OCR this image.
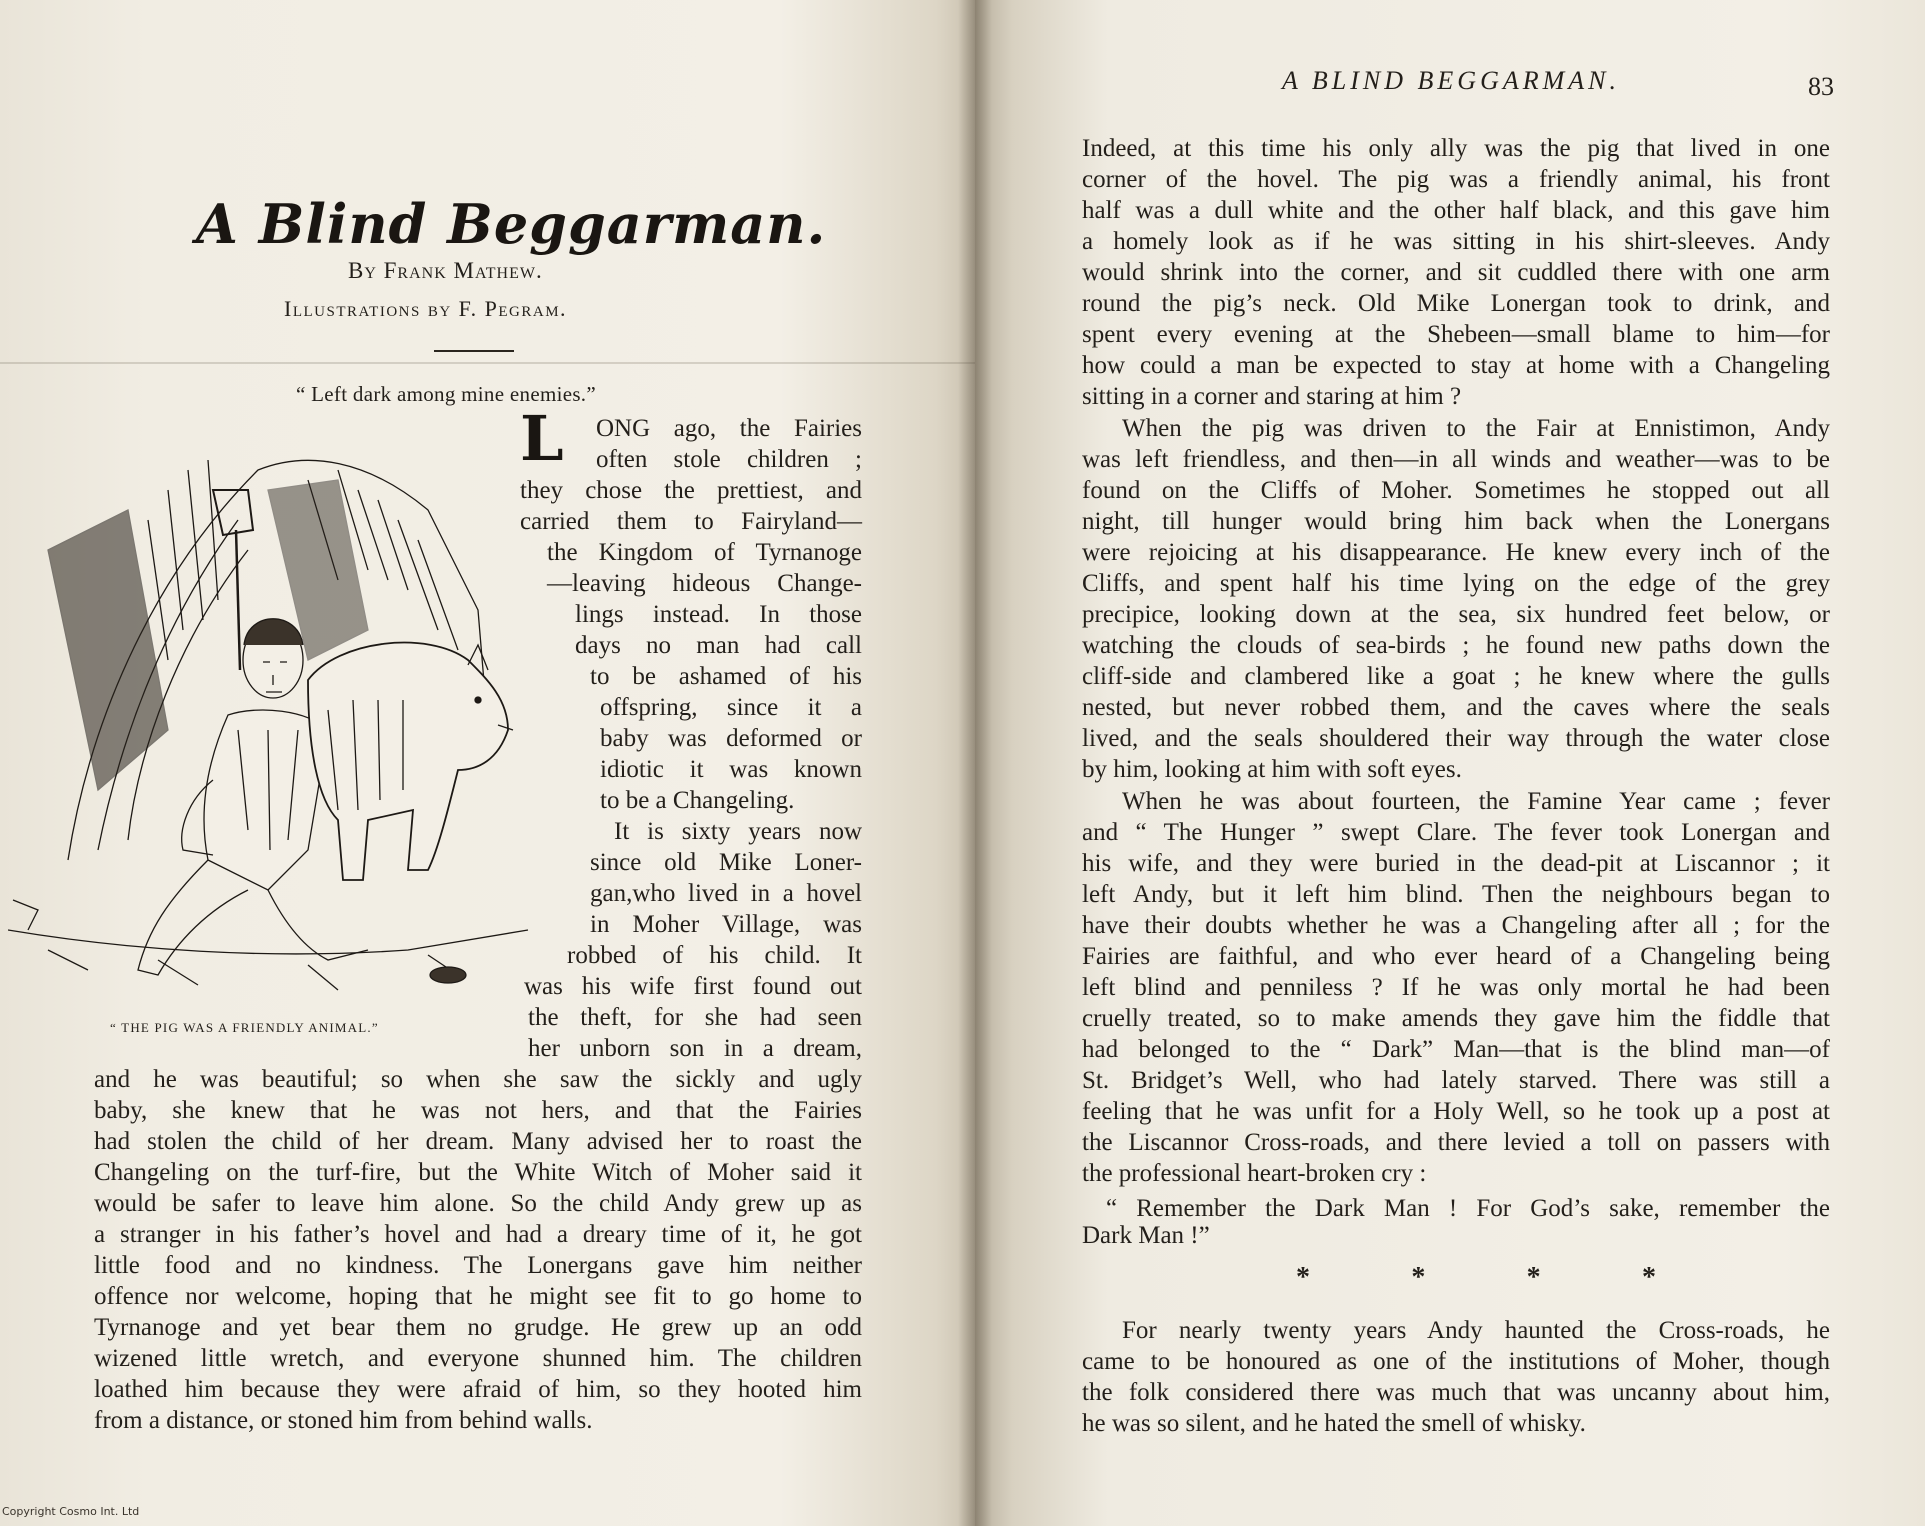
A Blind Beggarman.
By Frank Mathew.
Illustrations by F. Pegram.
“ Left dark among mine enemies.”
“ THE PIG WAS A FRIENDLY ANIMAL.”
L ONG ago, the Fairies
often stole children ;
they chose the prettiest, and
carried them to Fairyland—
the Kingdom of Tyrnanoge
—leaving hideous Change-
lings instead. In those
days no man had call
to be ashamed of his
offspring, since it a
baby was deformed or
idiotic it was known
to be a Changeling.
It is sixty years now
since old Mike Loner-
gan,who lived in a hovel
in Moher Village, was
robbed of his child. It
was his wife first found out
the theft, for she had seen
her unborn son in a dream,
and he was beautiful; so when she saw the sickly and ugly
baby, she knew that he was not hers, and that the Fairies
had stolen the child of her dream. Many advised her to roast the
Changeling on the turf-fire, but the White Witch of Moher said it
would be safer to leave him alone. So the child Andy grew up as
a stranger in his father’s hovel and had a dreary time of it, he got
little food and no kindness. The Lonergans gave him neither
offence nor welcome, hoping that he might see fit to go home to
Tyrnanoge and yet bear them no grudge. He grew up an odd
wizened little wretch, and everyone shunned him. The children
loathed him because they were afraid of him, so they hooted him
from a distance, or stoned him from behind walls.
Copyright Cosmo Int. Ltd
A BLIND BEGGARMAN.	83
Indeed, at this time his only ally was the pig that lived in one
corner of the hovel. The pig was a friendly animal, his front
half was a dull white and the other half black, and this gave him
a homely look as if he was sitting in his shirt-sleeves. Andy
would shrink into the corner, and sit cuddled there with one arm
round the pig’s neck. Old Mike Lonergan took to drink, and
spent every evening at the Shebeen—small blame to him—for
how could a man be expected to stay at home with a Changeling
sitting in a corner and staring at him ?
When the pig was driven to the Fair at Ennistimon, Andy
was left friendless, and then—in all winds and weather—was to be
found on the Cliffs of Moher. Sometimes he stopped out all
night, till hunger would bring him back when the Lonergans
were rejoicing at his disappearance. He knew every inch of the
Cliffs, and spent half his time lying on the edge of the grey
precipice, looking down at the sea, six hundred feet below, or
watching the clouds of sea-birds ; he found new paths down the
cliff-side and clambered like a goat ; he knew where the gulls
nested, but never robbed them, and the caves where the seals
lived, and the seals shouldered their way through the water close
by him, looking at him with soft eyes.
When he was about fourteen, the Famine Year came ; fever
and “ The Hunger ” swept Clare. The fever took Lonergan and
his wife, and they were buried in the dead-pit at Liscannor ; it
left Andy, but it left him blind. Then the neighbours began to
have their doubts whether he was a Changeling after all ; for the
Fairies are faithful, and who ever heard of a Changeling being
left blind and penniless ? If he was only mortal he had been
cruelly treated, so to make amends they gave him the fiddle that
had belonged to the “ Dark” Man—that is the blind man—of
St. Bridget’s Well, who had lately starved. There was still a
feeling that he was unfit for a Holy Well, so he took up a post at
the Liscannor Cross-roads, and there levied a toll on passers with
the professional heart-broken cry :
“ Remember the Dark Man ! For God’s sake, remember the
Dark Man !”
*	*	*	*
For nearly twenty years Andy haunted the Cross-roads, he
came to be honoured as one of the institutions of Moher, though
the folk considered there was much that was uncanny about him,
he was so silent, and he hated the smell of whisky.
